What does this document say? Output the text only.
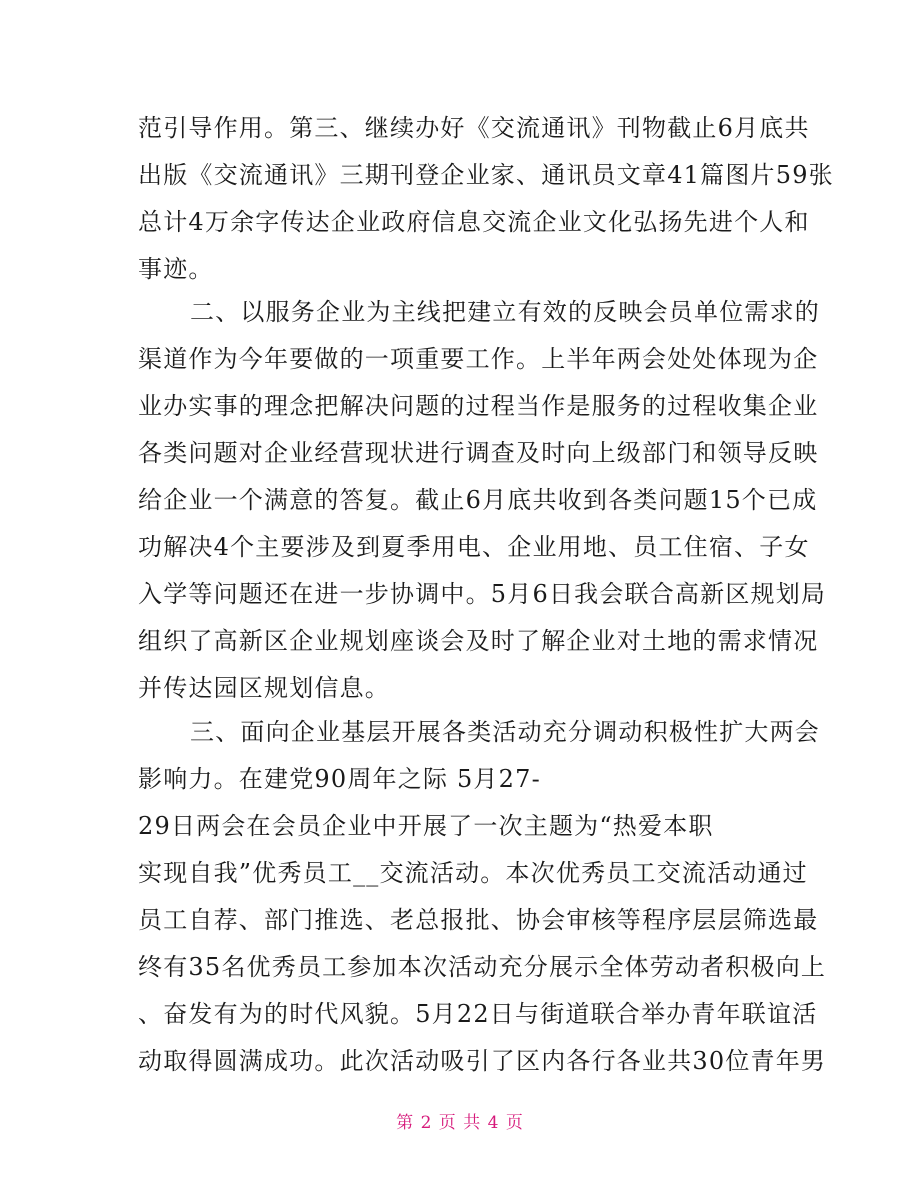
范引导作用。第三、继续办好《交流通讯》刊物截止6月底共
出版《交流通讯》三期刊登企业家、通讯员文章41篇图片59张
总计4万余字传达企业政府信息交流企业文化弘扬先进个人和
事迹。
二、以服务企业为主线把建立有效的反映会员单位需求的
渠道作为今年要做的一项重要工作。上半年两会处处体现为企
业办实事的理念把解决问题的过程当作是服务的过程收集企业
各类问题对企业经营现状进行调查及时向上级部门和领导反映
给企业一个满意的答复。截止6月底共收到各类问题15个已成
功解决4个主要涉及到夏季用电、企业用地、员工住宿、子女
入学等问题还在进一步协调中。5月6日我会联合高新区规划局
组织了高新区企业规划座谈会及时了解企业对土地的需求情况
并传达园区规划信息。
三、面向企业基层开展各类活动充分调动积极性扩大两会
影响力。在建党90周年之际 5月27-
29日两会在会员企业中开展了一次主题为“热爱本职
实现自我”优秀员工__交流活动。本次优秀员工交流活动通过
员工自荐、部门推选、老总报批、协会审核等程序层层筛选最
终有35名优秀员工参加本次活动充分展示全体劳动者积极向上
、奋发有为的时代风貌。5月22日与街道联合举办青年联谊活
动取得圆满成功。此次活动吸引了区内各行各业共30位青年男
第 2 页 共 4 页
